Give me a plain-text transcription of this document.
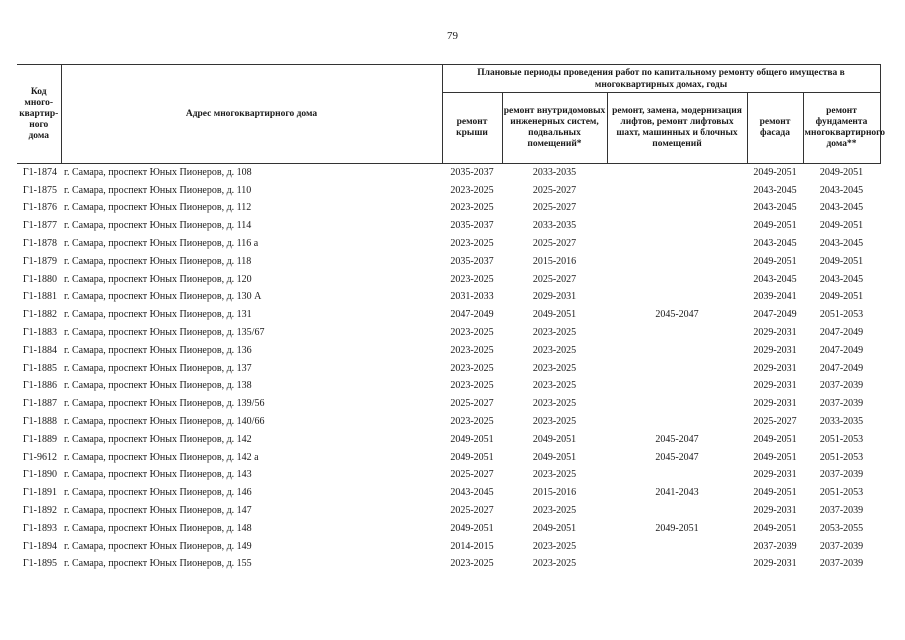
79
Код много-квартир-ного дома	Адрес многоквартирного дома	Плановые периоды проведения работ по капитальному ремонту общего имущества в многоквартирных домах, годы				
		ремонт крыши	ремонт внутридомовых инженерных систем, подвальных помещений*	ремонт, замена, модернизация лифтов, ремонт лифтовых шахт, машинных и блочных помещений	ремонт фасада	ремонт фундамента многоквартирного дома**
Г1-1874	г. Самара, проспект Юных Пионеров, д. 108	2035-2037	2033-2035		2049-2051	2049-2051
Г1-1875	г. Самара, проспект Юных Пионеров, д. 110	2023-2025	2025-2027		2043-2045	2043-2045
Г1-1876	г. Самара, проспект Юных Пионеров, д. 112	2023-2025	2025-2027		2043-2045	2043-2045
Г1-1877	г. Самара, проспект Юных Пионеров, д. 114	2035-2037	2033-2035		2049-2051	2049-2051
Г1-1878	г. Самара, проспект Юных Пионеров, д. 116 а	2023-2025	2025-2027		2043-2045	2043-2045
Г1-1879	г. Самара, проспект Юных Пионеров, д. 118	2035-2037	2015-2016		2049-2051	2049-2051
Г1-1880	г. Самара, проспект Юных Пионеров, д. 120	2023-2025	2025-2027		2043-2045	2043-2045
Г1-1881	г. Самара, проспект Юных Пионеров, д. 130 А	2031-2033	2029-2031		2039-2041	2049-2051
Г1-1882	г. Самара, проспект Юных Пионеров, д. 131	2047-2049	2049-2051	2045-2047	2047-2049	2051-2053
Г1-1883	г. Самара, проспект Юных Пионеров, д. 135/67	2023-2025	2023-2025		2029-2031	2047-2049
Г1-1884	г. Самара, проспект Юных Пионеров, д. 136	2023-2025	2023-2025		2029-2031	2047-2049
Г1-1885	г. Самара, проспект Юных Пионеров, д. 137	2023-2025	2023-2025		2029-2031	2047-2049
Г1-1886	г. Самара, проспект Юных Пионеров, д. 138	2023-2025	2023-2025		2029-2031	2037-2039
Г1-1887	г. Самара, проспект Юных Пионеров, д. 139/56	2025-2027	2023-2025		2029-2031	2037-2039
Г1-1888	г. Самара, проспект Юных Пионеров, д. 140/66	2023-2025	2023-2025		2025-2027	2033-2035
Г1-1889	г. Самара, проспект Юных Пионеров, д. 142	2049-2051	2049-2051	2045-2047	2049-2051	2051-2053
Г1-9612	г. Самара, проспект Юных Пионеров, д. 142 а	2049-2051	2049-2051	2045-2047	2049-2051	2051-2053
Г1-1890	г. Самара, проспект Юных Пионеров, д. 143	2025-2027	2023-2025		2029-2031	2037-2039
Г1-1891	г. Самара, проспект Юных Пионеров, д. 146	2043-2045	2015-2016	2041-2043	2049-2051	2051-2053
Г1-1892	г. Самара, проспект Юных Пионеров, д. 147	2025-2027	2023-2025		2029-2031	2037-2039
Г1-1893	г. Самара, проспект Юных Пионеров, д. 148	2049-2051	2049-2051	2049-2051	2049-2051	2053-2055
Г1-1894	г. Самара, проспект Юных Пионеров, д. 149	2014-2015	2023-2025		2037-2039	2037-2039
Г1-1895	г. Самара, проспект Юных Пионеров, д. 155	2023-2025	2023-2025		2029-2031	2037-2039
